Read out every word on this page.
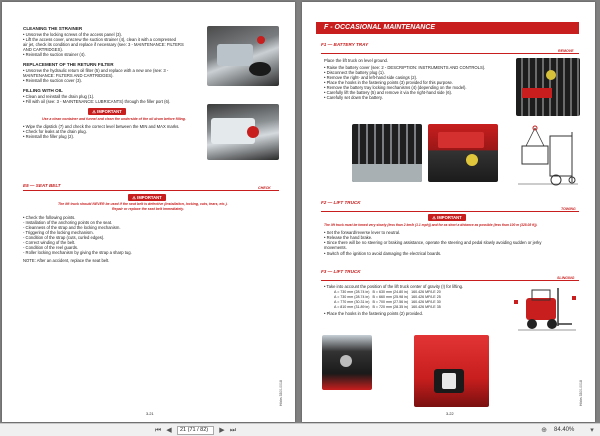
CLEANING THE STRAINER
• Unscrew the locking screws of the access panel (3).
• Lift the access cover, unscrew the suction strainer (4), clean it with a compressed
air jet, check its condition and replace if necessary (see: 3 - MAINTENANCE: FILTERS
AND CARTRIDGES).
• Reinstall the suction strainer (4).
REPLACEMENT OF THE RETURN FILTER
• Unscrew the hydraulic return oil filter (5) and replace with a new one (see: 3 -
MAINTENANCE: FILTERS AND CARTRIDGES).
• Reinstall the suction cover (3).
FILLING WITH OIL
• Clean and reinstall the drain plug (1).
• Fill with oil (see: 3 - MAINTENANCE: LUBRICANTS) through the filler port (6).
⚠ IMPORTANT
Use a clean container and funnel and clean the underside of the oil drum before filling.
• Wipe the dipstick (7) and check the correct level between the MIN and MAX marks.
• Check for leaks at the drain plug.
• Reinstall the filler plug (2).
E5 — SEAT BELT	CHECK
⚠ IMPORTANT
The lift truck should NEVER be used if the seat belt is defective (installation, locking, cuts, tears, etc.).
Repair or replace the seat belt immediately.
• Check the following points.
- Installation of the anchoring points on the seat.
- Cleanness of the strap and the locking mechanism.
- Triggering of the locking mechanism.
- Condition of the strap (cuts, curled edges).
- Correct winding of the belt.
- Condition of the reel guards.
- Roller locking mechanism by giving the strap a sharp tug.
NOTE: After an accident, replace the seat belt.
3-21
Hibbs 3300-0018
F - OCCASIONAL MAINTENANCE
F1 — BATTERY TRAY
REMOVE
Place the lift truck on level ground.
• Raise the battery cover (see: 2 - DESCRIPTION: INSTRUMENTS AND CONTROLS).
• Disconnect the battery plug (1).
• Remove the right- and left-hand side casings (2).
• Place the hooks in the fastening points (3) provided for this purpose.
• Remove the battery tray locking mechanisms (4) (depending on the model).
• Carefully lift the battery (5) and remove it via the right-hand side (6).
• Carefully set down the battery.
F2 — LIFT TRUCK
TOWING
⚠ IMPORTANT
The lift truck must be towed very slowly (less than 2 km/h (1.1 mph)) and for as short a distance as possible (less than 100 m (328.08 ft)).
• Set the forward/reverse lever to neutral.
• Release the hand brake.
• Since there will be no steering or braking assistance, operate the steering and pedal slowly avoiding sudden or jerky
movements.
• Switch off the ignition to avoid damaging the electrical boards.
F3 — LIFT TRUCK
SLINGING
• Take into account the position of the lift truck center of gravity (!) for lifting.
A = 730 mm (28.74 in) B = 630 mm (24.80 in) 160.426 MF/LE 20
A = 730 mm (28.74 in) B = 660 mm (25.98 in) 160.426 MF/LE 25
A = 770 mm (30.31 in) B = 700 mm (27.56 in) 160.426 MF/LE 30
A = 810 mm (31.89 in) B = 720 mm (28.35 in) 160.426 MF/LE 35
• Place the hooks in the fastening points (2) provided.
3-22
Hibbs 3300-0018
⏮ ◀	21 (71 / 82)	▶ ⏭	⊕	84.40%	▾
